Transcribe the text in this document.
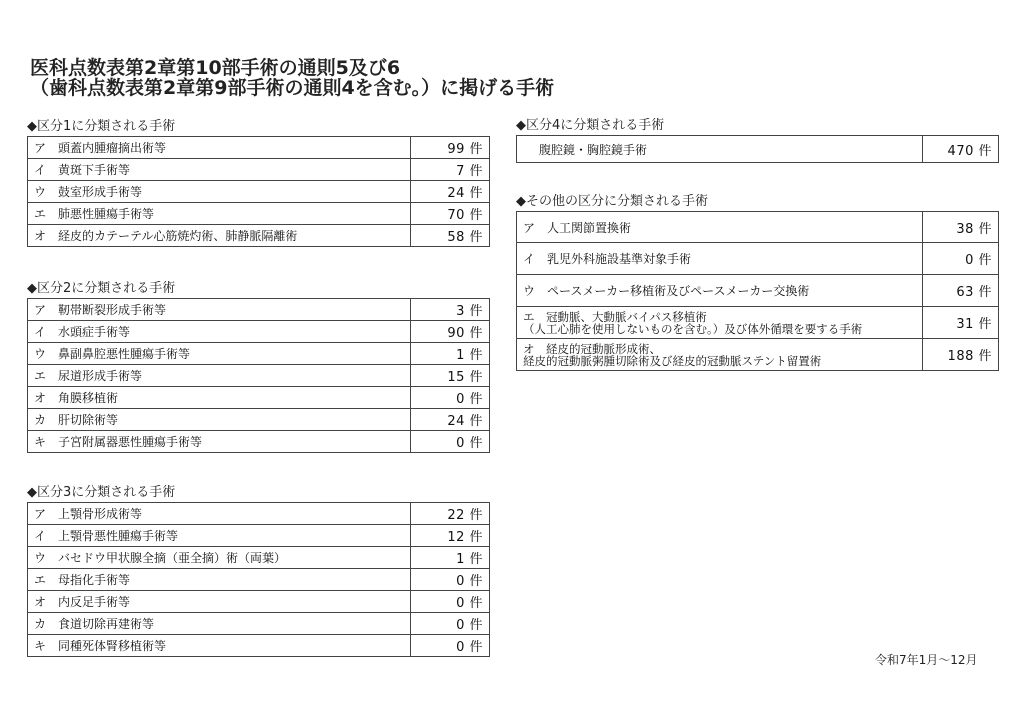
医科点数表第2章第10部手術の通則5及び6
（歯科点数表第2章第9部手術の通則4を含む。）に掲げる手術
◆区分1に分類される手術
ア　頭蓋内腫瘤摘出術等	99 件
イ　黄斑下手術等	7 件
ウ　鼓室形成手術等	24 件
エ　肺悪性腫瘍手術等	70 件
オ　経皮的カテーテル心筋焼灼術、肺静脈隔離術	58 件
◆区分2に分類される手術
ア　靭帯断裂形成手術等	3 件
イ　水頭症手術等	90 件
ウ　鼻副鼻腔悪性腫瘍手術等	1 件
エ　尿道形成手術等	15 件
オ　角膜移植術	0 件
カ　肝切除術等	24 件
キ　子宮附属器悪性腫瘍手術等	0 件
◆区分3に分類される手術
ア　上顎骨形成術等	22 件
イ　上顎骨悪性腫瘍手術等	12 件
ウ　バセドウ甲状腺全摘（亜全摘）術（両葉）	1 件
エ　母指化手術等	0 件
オ　内反足手術等	0 件
カ　食道切除再建術等	0 件
キ　同種死体腎移植術等	0 件
◆区分4に分類される手術
腹腔鏡・胸腔鏡手術	470 件
◆その他の区分に分類される手術
ア　人工関節置換術	38 件
イ　乳児外科施設基準対象手術	0 件
ウ　ペースメーカー移植術及びペースメーカー交換術	63 件

エ　冠動脈、大動脈バイパス移植術
（人工心肺を使用しないものを含む。）及び体外循環を要する手術	31 件

オ　経皮的冠動脈形成術、
経皮的冠動脈粥腫切除術及び経皮的冠動脈ステント留置術	188 件
令和7年1月～12月
